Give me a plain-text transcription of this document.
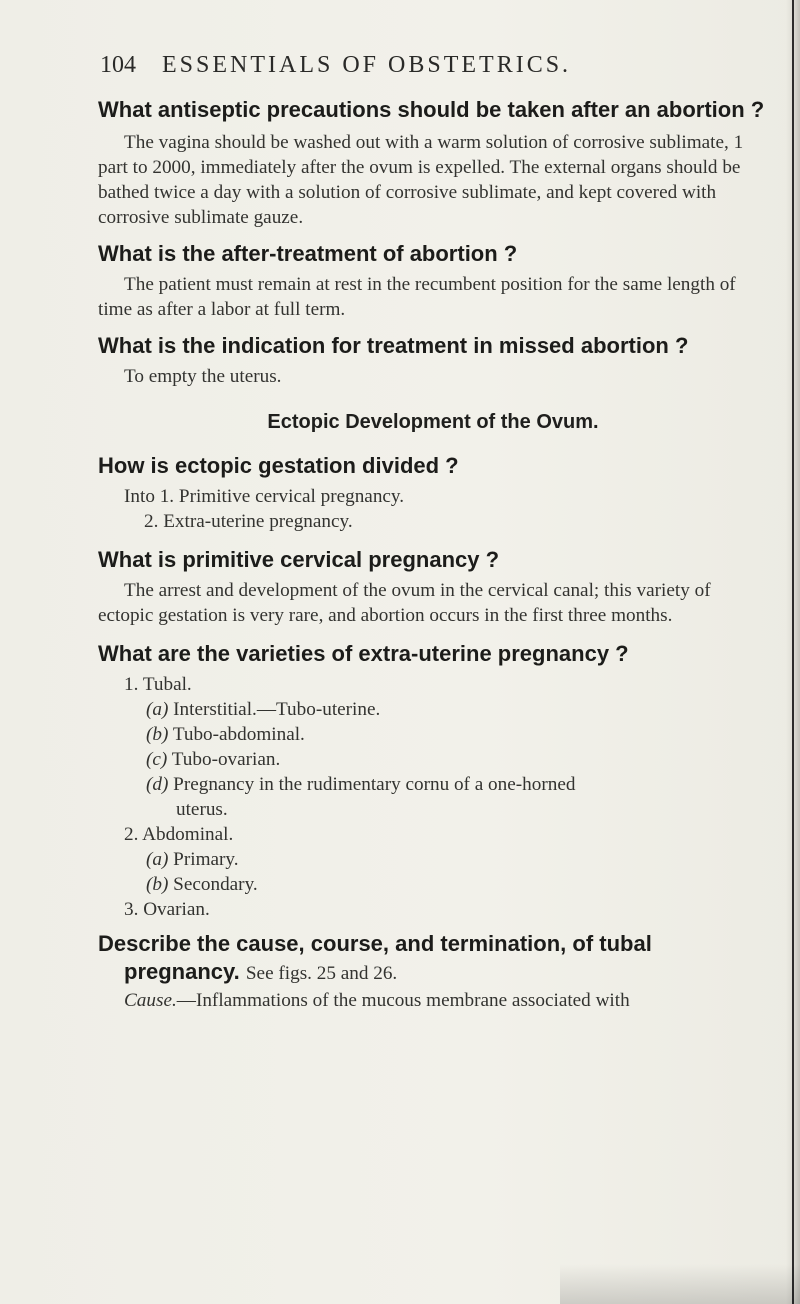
104 ESSENTIALS OF OBSTETRICS.

What antiseptic precautions should be taken after an abortion ?

The vagina should be washed out with a warm solution of corrosive sublimate, 1 part to 2000, immediately after the ovum is expelled. The external organs should be bathed twice a day with a solution of corrosive sublimate, and kept covered with corrosive sublimate gauze.

What is the after-treatment of abortion ?

The patient must remain at rest in the recumbent position for the same length of time as after a labor at full term.

What is the indication for treatment in missed abortion ?

To empty the uterus.

Ectopic Development of the Ovum.

How is ectopic gestation divided ?

Into 1. Primitive cervical pregnancy.
2. Extra-uterine pregnancy.

What is primitive cervical pregnancy ?

The arrest and development of the ovum in the cervical canal; this variety of ectopic gestation is very rare, and abortion occurs in the first three months.

What are the varieties of extra-uterine pregnancy ?

1. Tubal.
(a) Interstitial.—Tubo-uterine.
(b) Tubo-abdominal.
(c) Tubo-ovarian.
(d) Pregnancy in the rudimentary cornu of a one-horned
uterus.
2. Abdominal.
(a) Primary.
(b) Secondary.
3. Ovarian.

Describe the cause, course, and termination, of tubal pregnancy. See figs. 25 and 26.

Cause.—Inflammations of the mucous membrane associated with
